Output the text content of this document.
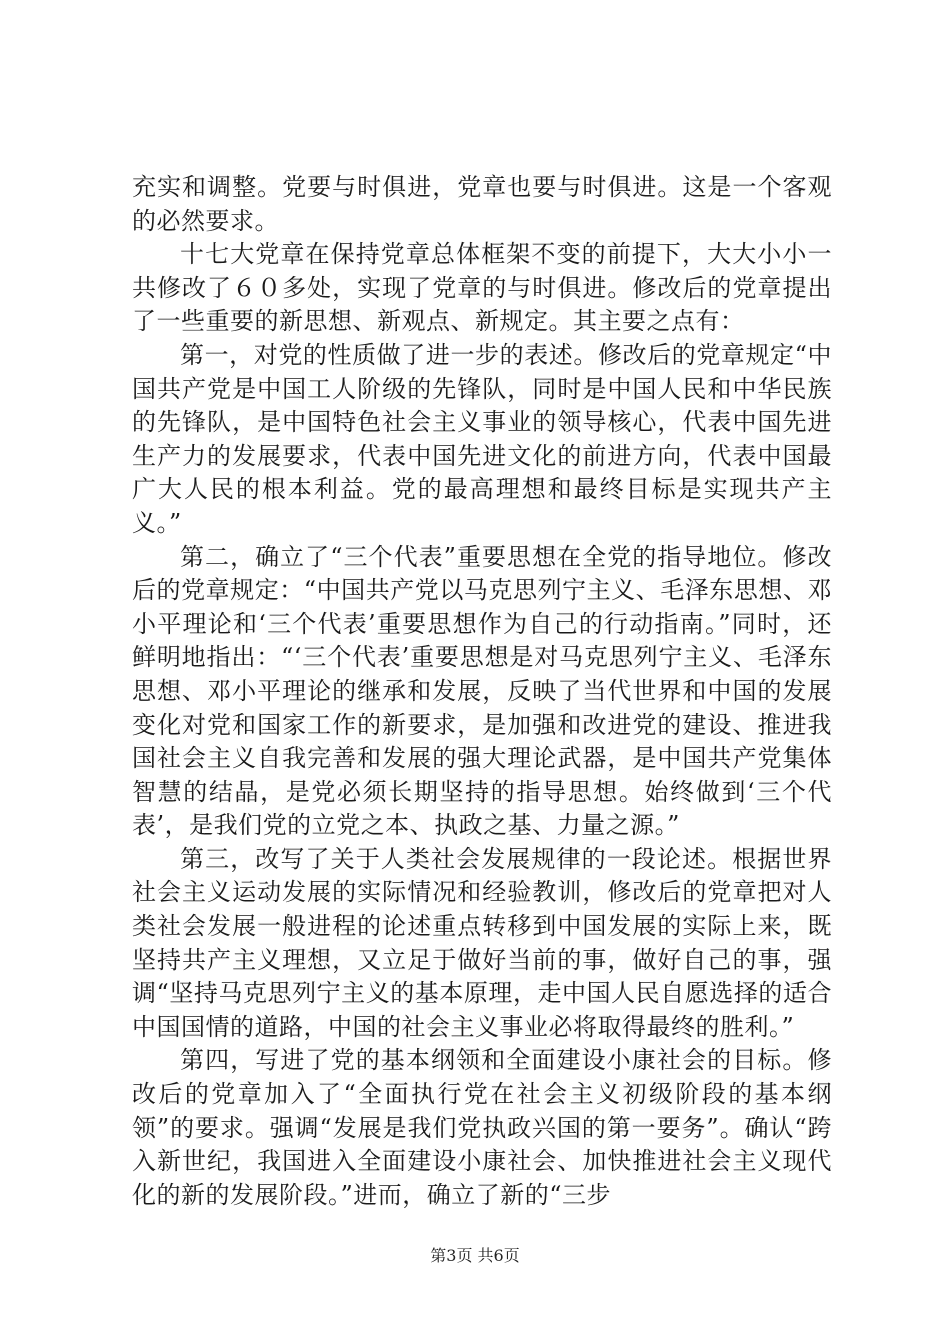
充实和调整。党要与时俱进，党章也要与时俱进。这是一个客观的必然要求。

十七大党章在保持党章总体框架不变的前提下，大大小小一共修改了６０多处，实现了党章的与时俱进。修改后的党章提出了一些重要的新思想、新观点、新规定。其主要之点有：

第一，对党的性质做了进一步的表述。修改后的党章规定“中国共产党是中国工人阶级的先锋队，同时是中国人民和中华民族的先锋队，是中国特色社会主义事业的领导核心，代表中国先进生产力的发展要求，代表中国先进文化的前进方向，代表中国最广大人民的根本利益。党的最高理想和最终目标是实现共产主义。”

第二，确立了“三个代表”重要思想在全党的指导地位。修改后的党章规定：“中国共产党以马克思列宁主义、毛泽东思想、邓小平理论和‘三个代表’重要思想作为自己的行动指南。”同时，还鲜明地指出：“‘三个代表’重要思想是对马克思列宁主义、毛泽东思想、邓小平理论的继承和发展，反映了当代世界和中国的发展变化对党和国家工作的新要求，是加强和改进党的建设、推进我国社会主义自我完善和发展的强大理论武器，是中国共产党集体智慧的结晶，是党必须长期坚持的指导思想。始终做到‘三个代表’，是我们党的立党之本、执政之基、力量之源。”

第三，改写了关于人类社会发展规律的一段论述。根据世界社会主义运动发展的实际情况和经验教训，修改后的党章把对人类社会发展一般进程的论述重点转移到中国发展的实际上来，既坚持共产主义理想，又立足于做好当前的事，做好自己的事，强调“坚持马克思列宁主义的基本原理，走中国人民自愿选择的适合中国国情的道路，中国的社会主义事业必将取得最终的胜利。”

第四，写进了党的基本纲领和全面建设小康社会的目标。修改后的党章加入了“全面执行党在社会主义初级阶段的基本纲领”的要求。强调“发展是我们党执政兴国的第一要务”。确认“跨入新世纪，我国进入全面建设小康社会、加快推进社会主义现代化的新的发展阶段。”进而，确立了新的“三步

第3页 共6页
